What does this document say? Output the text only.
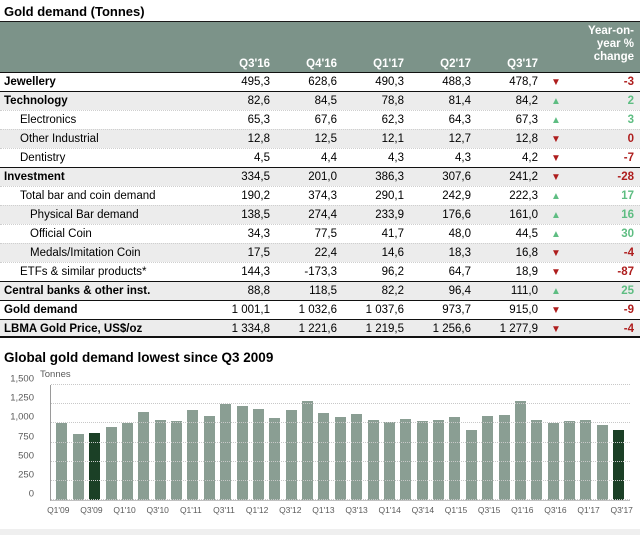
Gold demand (Tonnes)
Year-on-
year %
change
Q3'16	Q4'16	Q1'17	Q2'17	Q3'17
Jewellery	495,3	628,6	490,3	488,3	478,7	▼	-3
Technology	82,6	84,5	78,8	81,4	84,2	▲	2
Electronics	65,3	67,6	62,3	64,3	67,3	▲	3
Other Industrial	12,8	12,5	12,1	12,7	12,8	▼	0
Dentistry	4,5	4,4	4,3	4,3	4,2	▼	-7
Investment	334,5	201,0	386,3	307,6	241,2	▼	-28
Total bar and coin demand	190,2	374,3	290,1	242,9	222,3	▲	17
Physical Bar demand	138,5	274,4	233,9	176,6	161,0	▲	16
Official Coin	34,3	77,5	41,7	48,0	44,5	▲	30
Medals/Imitation Coin	17,5	22,4	14,6	18,3	16,8	▼	-4
ETFs & similar products*	144,3	-173,3	96,2	64,7	18,9	▼	-87
Central banks & other inst.	88,8	118,5	82,2	96,4	111,0	▲	25
Gold demand	1 001,1	1 032,6	1 037,6	973,7	915,0	▼	-9
LBMA Gold Price, US$/oz	1 334,8	1 221,6	1 219,5	1 256,6	1 277,9	▼	-4
Global gold demand lowest since Q3 2009
Tonnes
0
250
500
750
1,000
1,250
1,500
Q1'09 Q3'09 Q1'10 Q3'10 Q1'11 Q3'11 Q1'12 Q3'12 Q1'13 Q3'13 Q1'14 Q3'14 Q1'15 Q3'15 Q1'16 Q3'16 Q1'17 Q3'17
